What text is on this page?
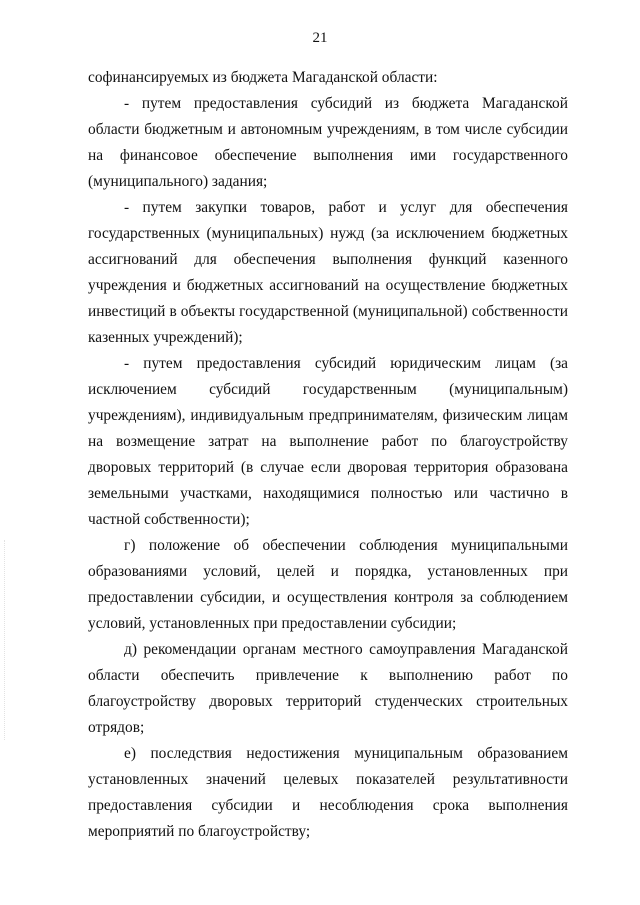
21

софинансируемых из бюджета Магаданской области:

- путем предоставления субсидий из бюджета Магаданской области бюджетным и автономным учреждениям, в том числе субсидии на финансовое обеспечение выполнения ими государственного (муниципального) задания;

- путем закупки товаров, работ и услуг для обеспечения государственных (муниципальных) нужд (за исключением бюджетных ассигнований для обеспечения выполнения функций казенного учреждения и бюджетных ассигнований на осуществление бюджетных инвестиций в объекты государственной (муниципальной) собственности казенных учреждений);

- путем предоставления субсидий юридическим лицам (за исключением субсидий государственным (муниципальным) учреждениям), индивидуальным предпринимателям, физическим лицам на возмещение затрат на выполнение работ по благоустройству дворовых территорий (в случае если дворовая территория образована земельными участками, находящимися полностью или частично в частной собственности);

г) положение об обеспечении соблюдения муниципальными образованиями условий, целей и порядка, установленных при предоставлении субсидии, и осуществления контроля за соблюдением условий, установленных при предоставлении субсидии;

д) рекомендации органам местного самоуправления Магаданской области обеспечить привлечение к выполнению работ по благоустройству дворовых территорий студенческих строительных отрядов;

е) последствия недостижения муниципальным образованием установленных значений целевых показателей результативности предоставления субсидии и несоблюдения срока выполнения мероприятий по благоустройству;
